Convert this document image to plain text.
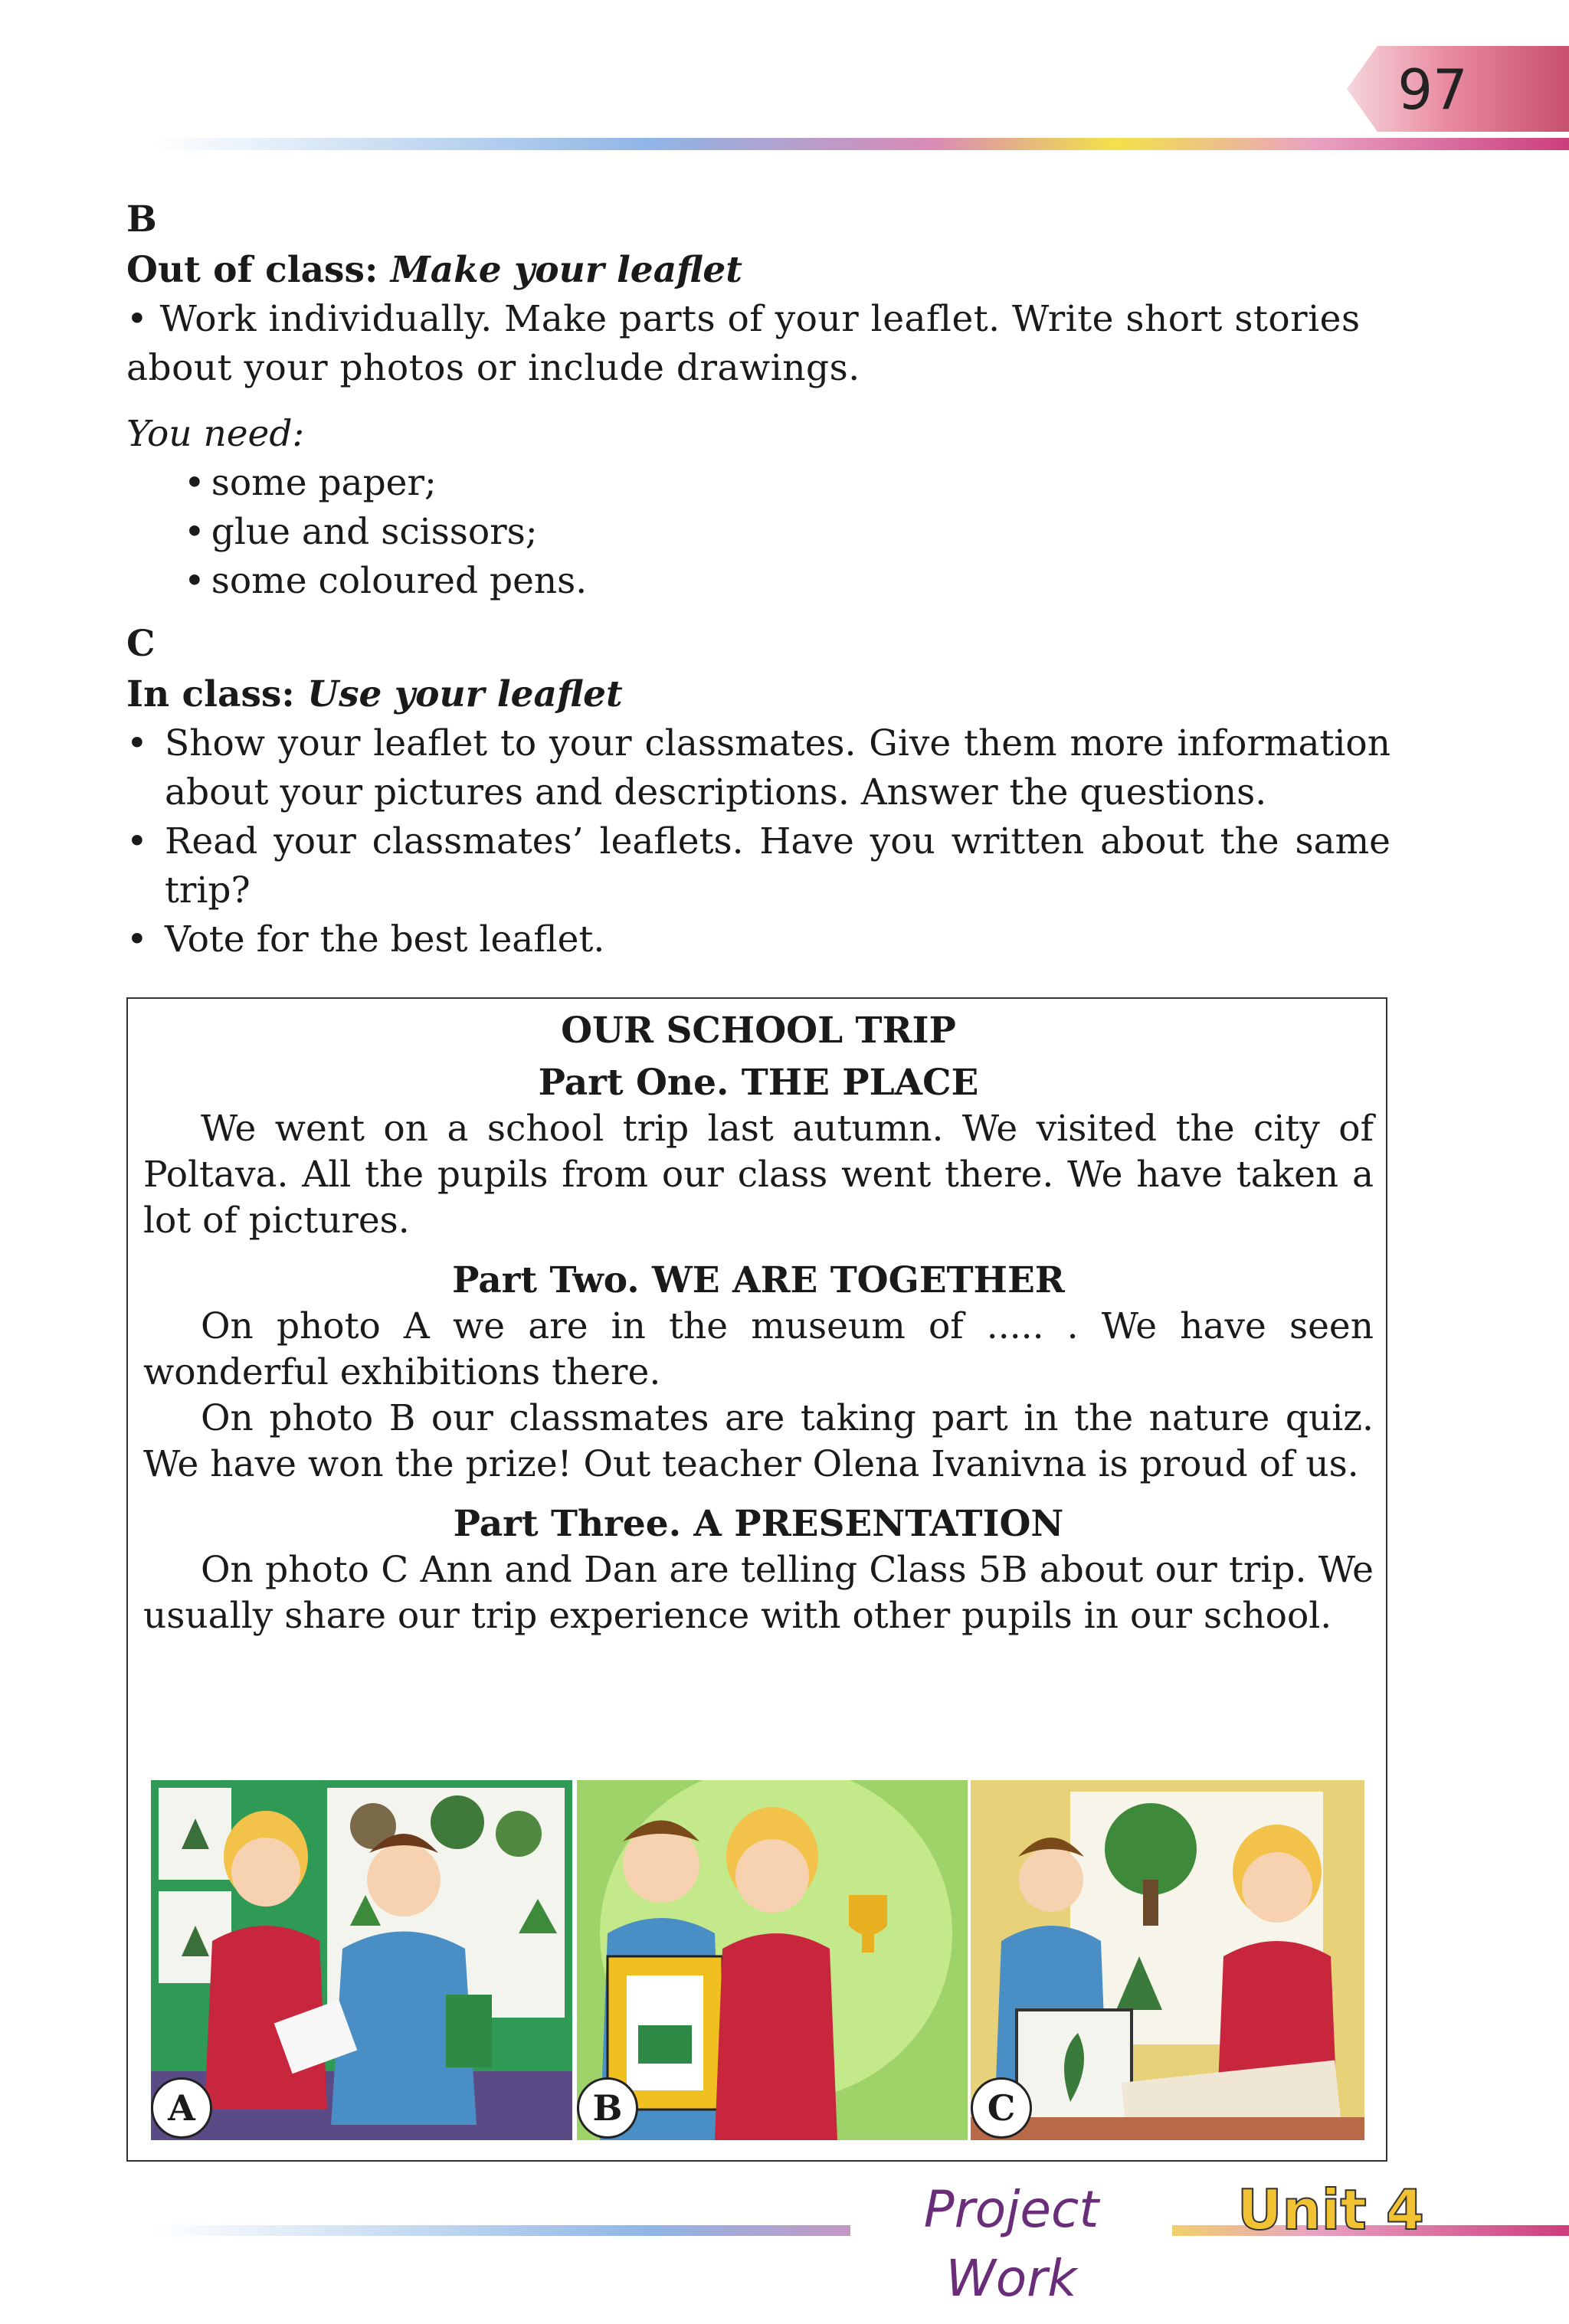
97

B

Out of class: Make your leaflet

• Work individually. Make parts of your leaflet. Write short stories about your photos or include drawings.

You need:

• some paper;
• glue and scissors;
• some coloured pens.

C

In class: Use your leaflet

• Show your leaflet to your classmates. Give them more information about your pictures and descriptions. Answer the questions.
• Read your classmates’ leaflets. Have you written about the same trip?
• Vote for the best leaflet.

OUR SCHOOL TRIP

Part One. THE PLACE

We went on a school trip last autumn. We visited the city of Poltava. All the pupils from our class went there. We have taken a lot of pictures.

Part Two. WE ARE TOGETHER

On photo A we are in the museum of ..... . We have seen wonderful exhibitions there.

On photo B our classmates are taking part in the nature quiz. We have won the prize! Out teacher Olena Ivanivna is proud of us.

Part Three. A PRESENTATION

On photo C Ann and Dan are telling Class 5B about our trip. We usually share our trip experience with other pupils in our school.

A	B	C
Project Work
Unit 4
